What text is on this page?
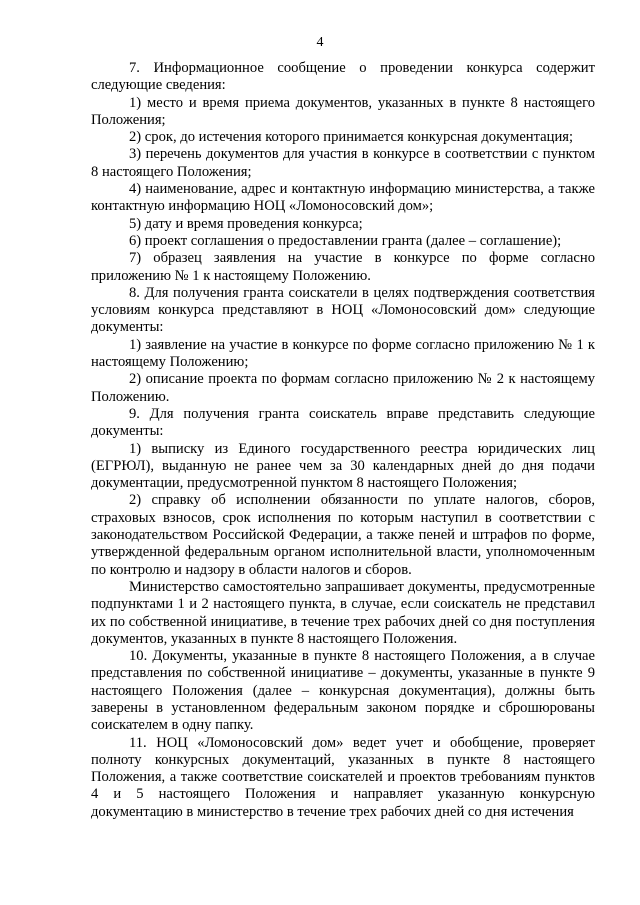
4

7. Информационное сообщение о проведении конкурса содержит следующие сведения:

1) место и время приема документов, указанных в пункте 8 настоящего Положения;

2) срок, до истечения которого принимается конкурсная документация;

3) перечень документов для участия в конкурсе в соответствии с пунктом 8 настоящего Положения;

4) наименование, адрес и контактную информацию министерства, а также контактную информацию НОЦ «Ломоносовский дом»;

5) дату и время проведения конкурса;

6) проект соглашения о предоставлении гранта (далее – соглашение);

7) образец заявления на участие в конкурсе по форме согласно приложению № 1 к настоящему Положению.

8. Для получения гранта соискатели в целях подтверждения соответствия условиям конкурса представляют в НОЦ «Ломоносовский дом» следующие документы:

1) заявление на участие в конкурсе по форме согласно приложению № 1 к настоящему Положению;

2) описание проекта по формам согласно приложению № 2 к настоящему Положению.

9. Для получения гранта соискатель вправе представить следующие документы:

1) выписку из Единого государственного реестра юридических лиц (ЕГРЮЛ), выданную не ранее чем за 30 календарных дней до дня подачи документации, предусмотренной пунктом 8 настоящего Положения;

2) справку об исполнении обязанности по уплате налогов, сборов, страховых взносов, срок исполнения по которым наступил в соответствии с законодательством Российской Федерации, а также пеней и штрафов по форме, утвержденной федеральным органом исполнительной власти, уполномоченным по контролю и надзору в области налогов и сборов.

Министерство самостоятельно запрашивает документы, предусмотренные подпунктами 1 и 2 настоящего пункта, в случае, если соискатель не представил их по собственной инициативе, в течение трех рабочих дней со дня поступления документов, указанных в пункте 8 настоящего Положения.

10. Документы, указанные в пункте 8 настоящего Положения, а в случае представления по собственной инициативе – документы, указанные в пункте 9 настоящего Положения (далее – конкурсная документация), должны быть заверены в установленном федеральным законом порядке и сброшюрованы соискателем в одну папку.

11. НОЦ «Ломоносовский дом» ведет учет и обобщение, проверяет полноту конкурсных документаций, указанных в пункте 8 настоящего Положения, а также соответствие соискателей и проектов требованиям пунктов 4 и 5 настоящего Положения и направляет указанную конкурсную документацию в министерство в течение трех рабочих дней со дня истечения
